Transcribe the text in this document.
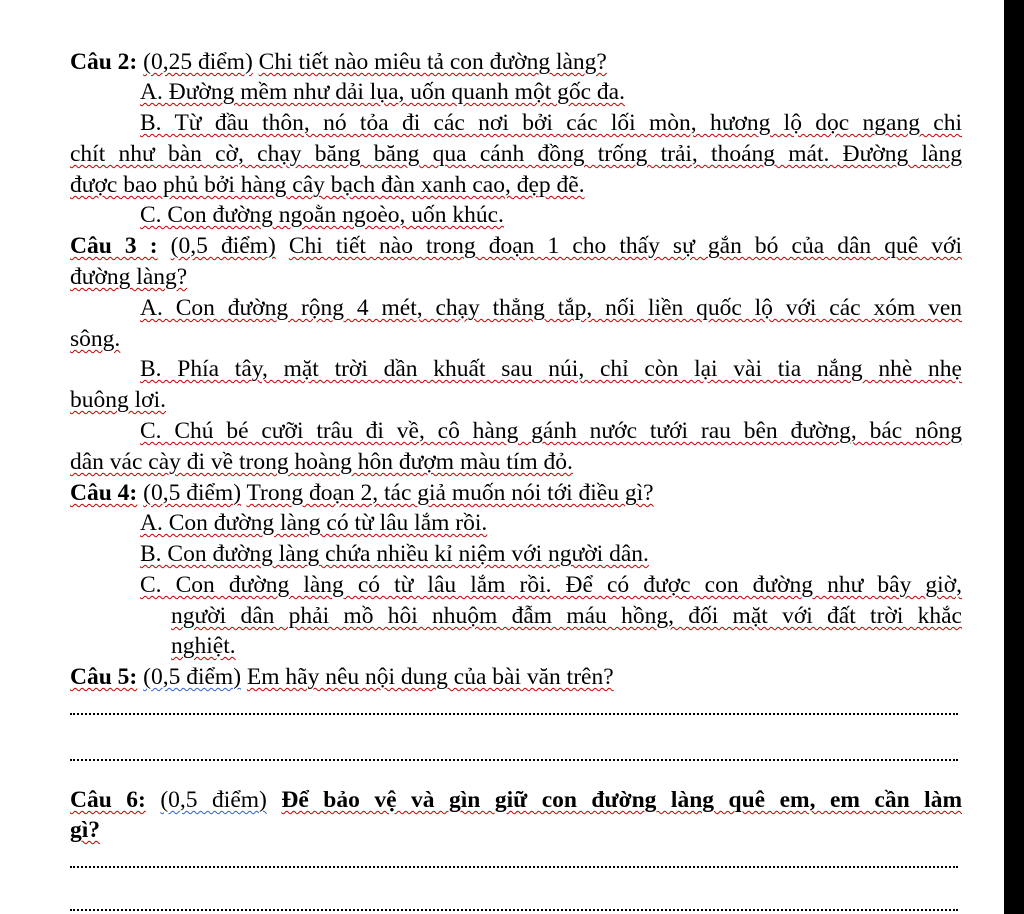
Câu 2: (0,25 điểm) Chi tiết nào miêu tả con đường làng?
A. Đường mềm như dải lụa, uốn quanh một gốc đa.
B. Từ đầu thôn, nó tỏa đi các nơi bởi các lối mòn, hương lộ dọc ngang chi
chít như bàn cờ, chạy băng băng qua cánh đồng trống trải, thoáng mát. Đường làng
được bao phủ bởi hàng cây bạch đàn xanh cao, đẹp đẽ.
C. Con đường ngoằn ngoèo, uốn khúc.
Câu 3 : (0,5 điểm) Chi tiết nào trong đoạn 1 cho thấy sự gắn bó của dân quê với
đường làng?
A. Con đường rộng 4 mét, chạy thẳng tắp, nối liền quốc lộ với các xóm ven
sông.
B. Phía tây, mặt trời dần khuất sau núi, chỉ còn lại vài tia nắng nhè nhẹ
buông lơi.
C. Chú bé cưỡi trâu đi về, cô hàng gánh nước tưới rau bên đường, bác nông
dân vác cày đi về trong hoàng hôn đượm màu tím đỏ.
Câu 4: (0,5 điểm) Trong đoạn 2, tác giả muốn nói tới điều gì?
A. Con đường làng có từ lâu lắm rồi.
B. Con đường làng chứa nhiều kỉ niệm với người dân.
C. Con đường làng có từ lâu lắm rồi. Để có được con đường như bây giờ,
người dân phải mồ hôi nhuộm đẫm máu hồng, đối mặt với đất trời khắc
nghiệt.
Câu 5: (0,5 điểm) Em hãy nêu nội dung của bài văn trên?
Câu 6: (0,5 điểm) Để bảo vệ và gìn giữ con đường làng quê em, em cần làm
gì?
